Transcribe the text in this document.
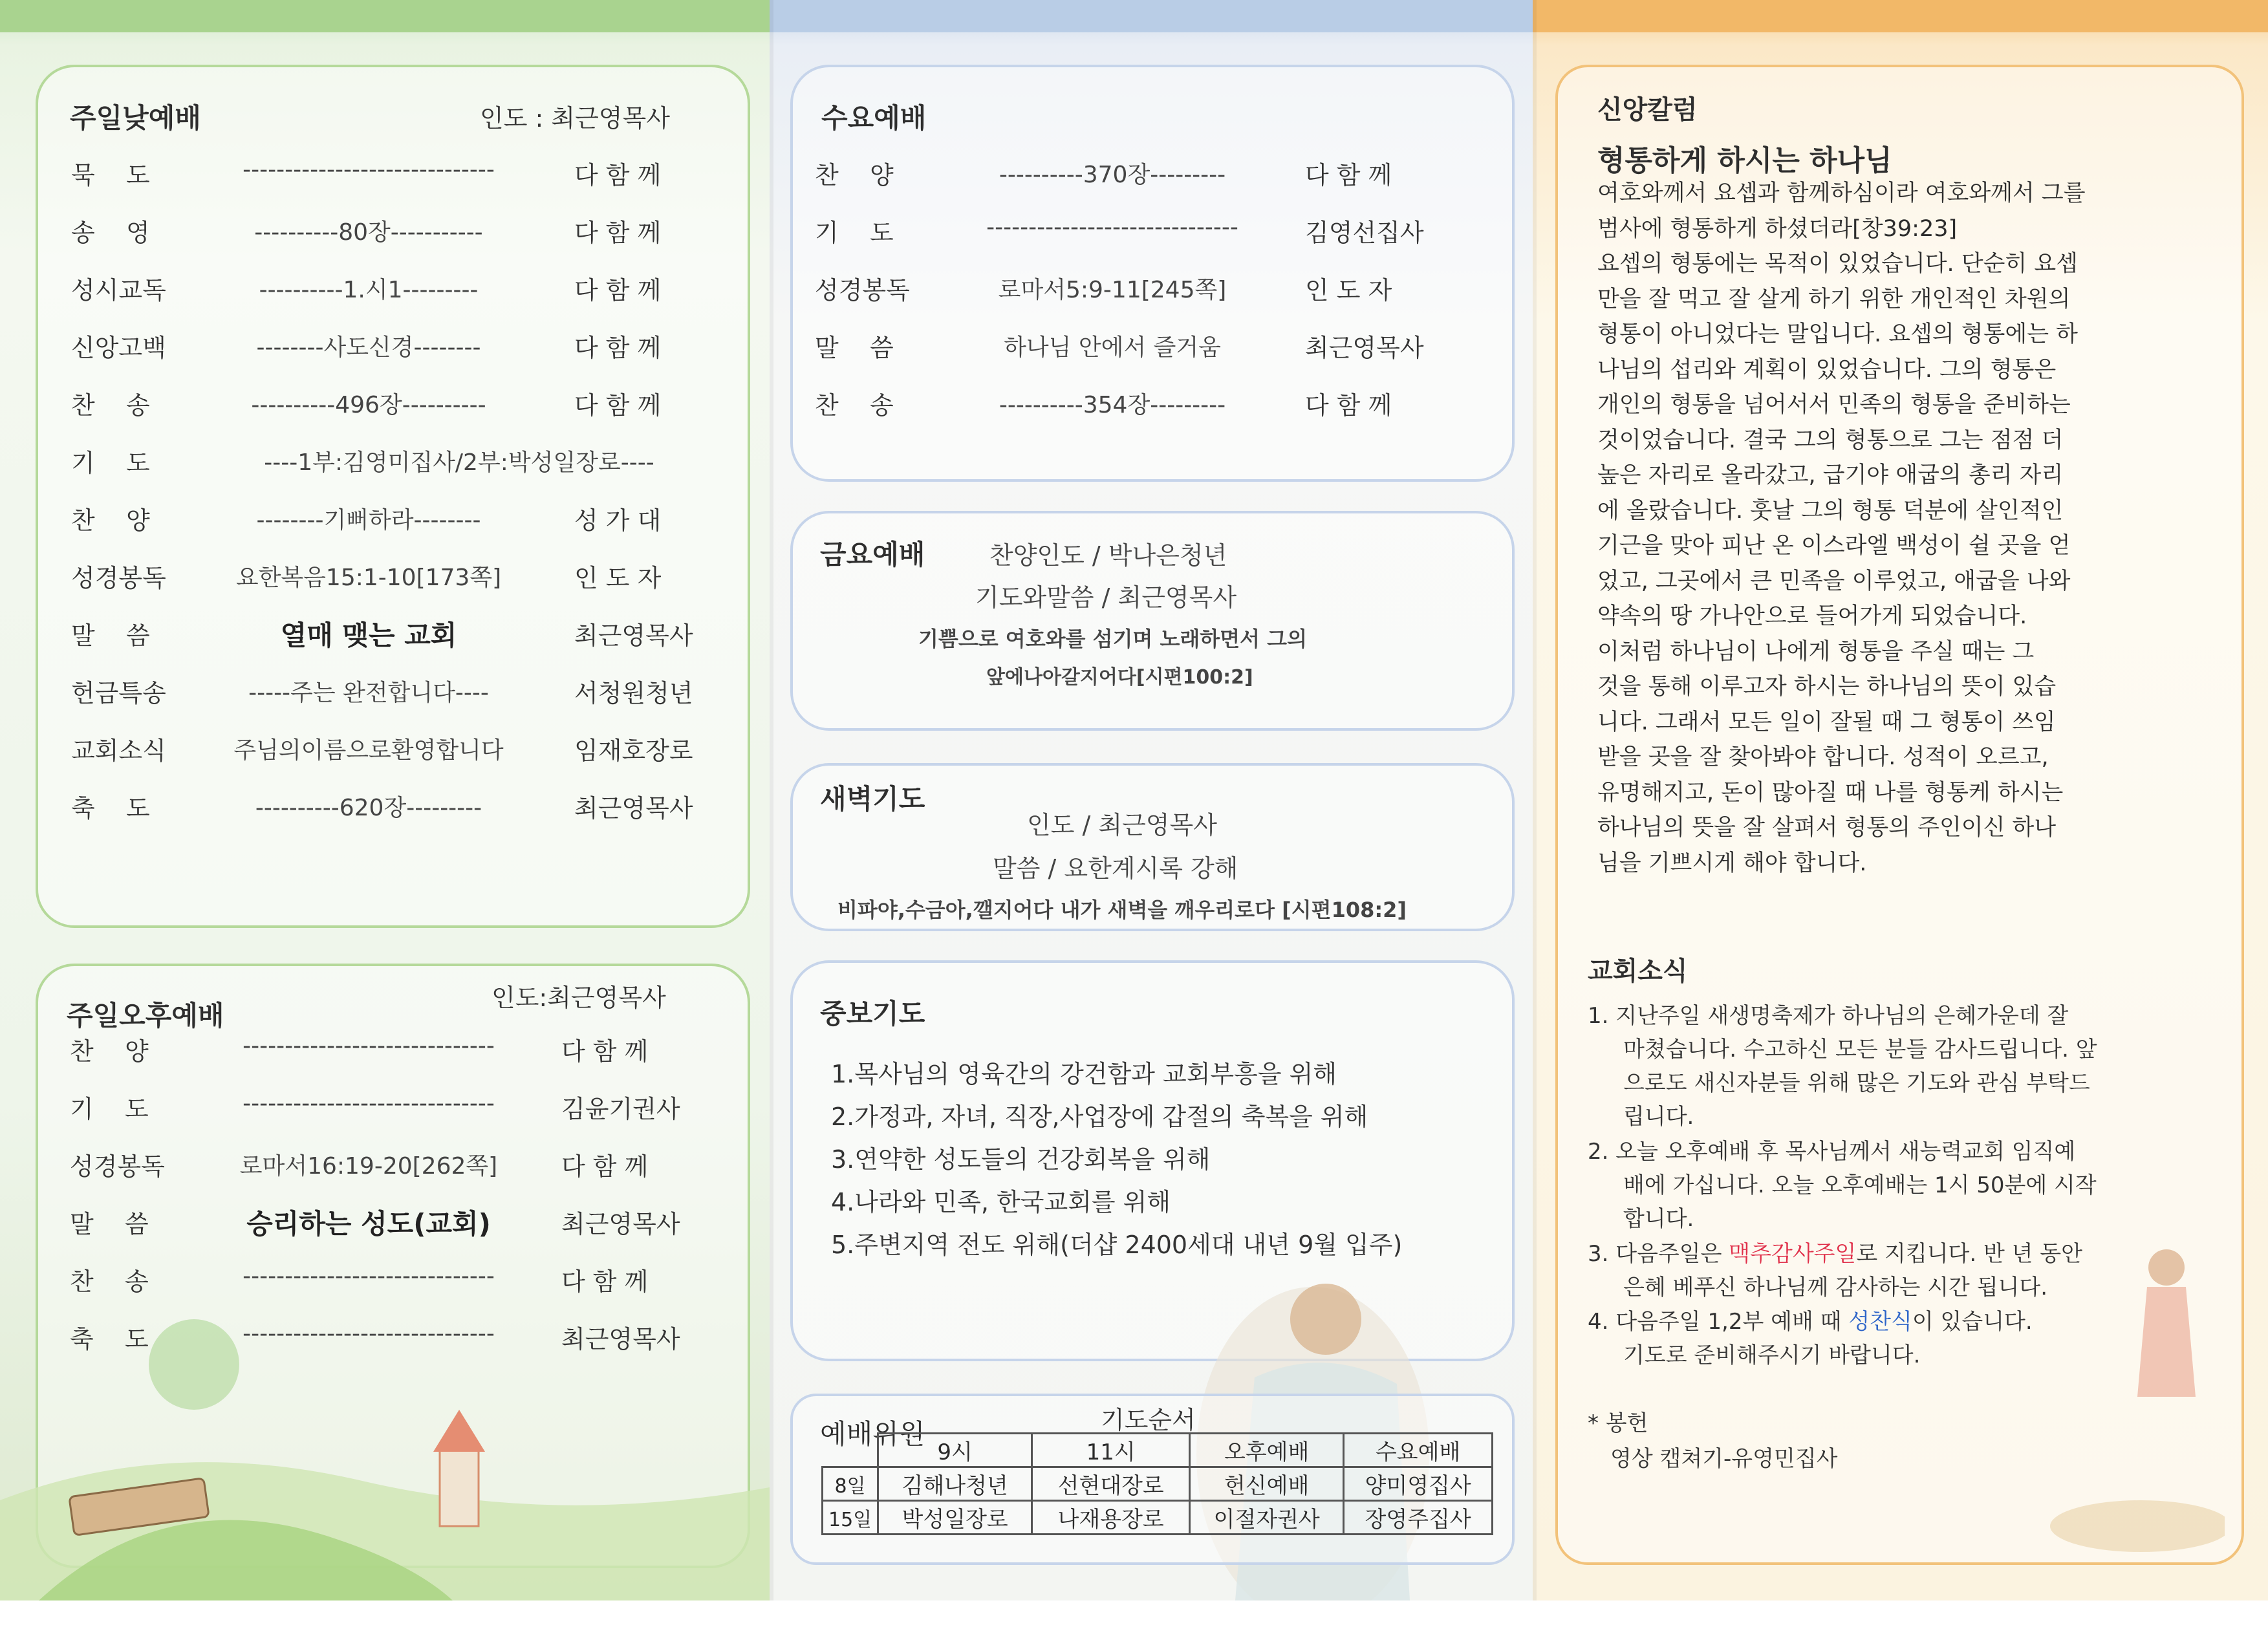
주일낮예배	인도 : 최근영목사
주일오후예배
인도:최근영목사
묵    도	------------------------------	다 함 께
송    영	----------80장-----------	다 함 께
성시교독	----------1.시1---------	다 함 께
신앙고백	--------사도신경--------	다 함 께
찬    송	----------496장----------	다 함 께
기    도	----1부:김영미집사/2부:박성일장로----
찬    양	--------기뻐하라--------	성 가 대
성경봉독	요한복음15:1-10[173쪽]	인 도 자
말    씀	열매 맺는 교회	최근영목사
헌금특송	-----주는 완전합니다----	서청원청년
교회소식	주님의이름으로환영합니다	임재호장로
축    도	----------620장---------	최근영목사
찬    양	------------------------------	다 함 께
기    도	------------------------------	김윤기권사
성경봉독	로마서16:19-20[262쪽]	다 함 께
말    씀	승리하는 성도(교회)	최근영목사
찬    송	------------------------------	다 함 께
축    도	------------------------------	최근영목사
수요예배
금요예배	찬양인도 / 박나은청년
기도와말씀 / 최근영목사
기쁨으로 여호와를 섬기며 노래하면서 그의
앞에나아갈지어다[시편100:2]
새벽기도
인도 / 최근영목사
말씀 / 요한계시록 강해
비파야,수금아,깰지어다 내가 새벽을 깨우리로다 [시편108:2]
중보기도
예배위원	기도순서
	9시	11시	오후예배	수요예배
8일	김해나청년	선현대장로	헌신예배	양미영집사
15일	박성일장로	나재용장로	이절자권사	장영주집사
찬    양	----------370장---------	다 함 께
기    도	------------------------------	김영선집사
성경봉독	로마서5:9-11[245쪽]	인 도 자
말    씀	하나님 안에서 즐거움	최근영목사
찬    송	----------354장---------	다 함 께
1.목사님의 영육간의 강건함과 교회부흥을 위해
2.가정과, 자녀, 직장,사업장에 갑절의 축복을 위해
3.연약한 성도들의 건강회복을 위해
4.나라와 민족, 한국교회를 위해
5.주변지역 전도 위해(더샵 2400세대 내년 9월 입주)
신앙칼럼
형통하게 하시는 하나님
교회소식
1. 지난주일 새생명축제가 하나님의 은혜가운데 잘
마쳤습니다. 수고하신 모든 분들 감사드립니다. 앞
으로도 새신자분들 위해 많은 기도와 관심 부탁드
립니다.
2. 오늘 오후예배 후 목사님께서 새능력교회 임직예
배에 가십니다. 오늘 오후예배는 1시 50분에 시작
합니다.
3. 다음주일은 맥추감사주일로 지킵니다. 반 년 동안
은혜 베푸신 하나님께 감사하는 시간 됩니다.
4. 다음주일 1,2부 예배 때 성찬식이 있습니다.
기도로 준비해주시기 바랍니다.
* 봉헌
영상 캡쳐기-유영민집사
여호와께서 요셉과 함께하심이라 여호와께서 그를
범사에 형통하게 하셨더라[창39:23]
요셉의 형통에는 목적이 있었습니다. 단순히 요셉
만을 잘 먹고 잘 살게 하기 위한 개인적인 차원의
형통이 아니었다는 말입니다. 요셉의 형통에는 하
나님의 섭리와 계획이 있었습니다. 그의 형통은
개인의 형통을 넘어서서 민족의 형통을 준비하는
것이었습니다. 결국 그의 형통으로 그는 점점 더
높은 자리로 올라갔고, 급기야 애굽의 총리 자리
에 올랐습니다. 훗날 그의 형통 덕분에 살인적인
기근을 맞아 피난 온 이스라엘 백성이 쉴 곳을 얻
었고, 그곳에서 큰 민족을 이루었고, 애굽을 나와
약속의 땅 가나안으로 들어가게 되었습니다.
이처럼 하나님이 나에게 형통을 주실 때는 그
것을 통해 이루고자 하시는 하나님의 뜻이 있습
니다. 그래서 모든 일이 잘될 때 그 형통이 쓰임
받을 곳을 잘 찾아봐야 합니다. 성적이 오르고,
유명해지고, 돈이 많아질 때 나를 형통케 하시는
하나님의 뜻을 잘 살펴서 형통의 주인이신 하나
님을 기쁘시게 해야 합니다.
